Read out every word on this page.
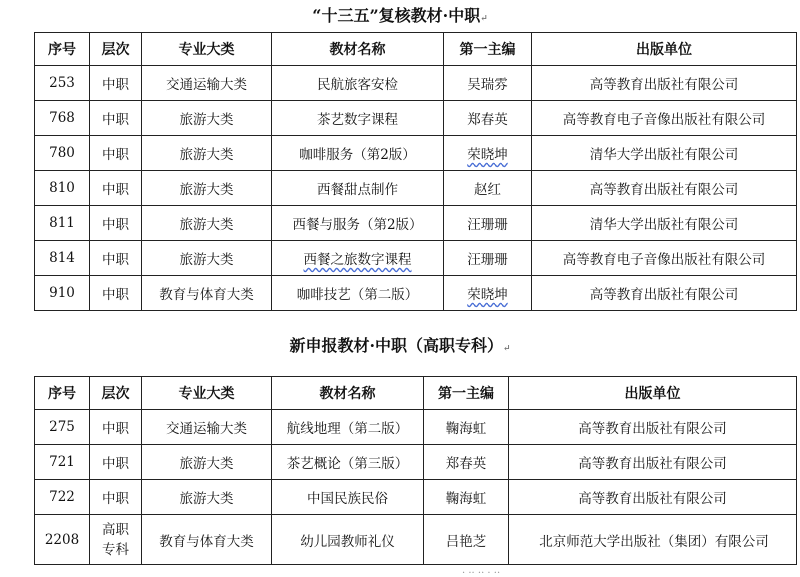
“十三五”复核教材·中职↵
序号	层次	专业大类	教材名称	第一主编	出版单位
253	中职	交通运输大类	民航旅客安检	吴瑞雰	高等教育出版社有限公司
768	中职	旅游大类	茶艺数字课程	郑春英	高等教育电子音像出版社有限公司
780	中职	旅游大类	咖啡服务（第2版）	荣晓坤	清华大学出版社有限公司
810	中职	旅游大类	西餐甜点制作	赵红	高等教育出版社有限公司
811	中职	旅游大类	西餐与服务（第2版）	汪珊珊	清华大学出版社有限公司
814	中职	旅游大类	西餐之旅数字课程	汪珊珊	高等教育电子音像出版社有限公司
910	中职	教育与体育大类	咖啡技艺（第二版）	荣晓坤	高等教育出版社有限公司
新申报教材·中职（高职专科）↵
序号	层次	专业大类	教材名称	第一主编	出版单位
275	中职	交通运输大类	航线地理（第二版）	鞠海虹	高等教育出版社有限公司
721	中职	旅游大类	茶艺概论（第三版）	郑春英	高等教育出版社有限公司
722	中职	旅游大类	中国民族民俗	鞠海虹	高等教育出版社有限公司
2208	高职专科	教育与体育大类	幼儿园教师礼仪	吕艳芝	北京师范大学出版社（集团）有限公司
· ·· ·· · ··
